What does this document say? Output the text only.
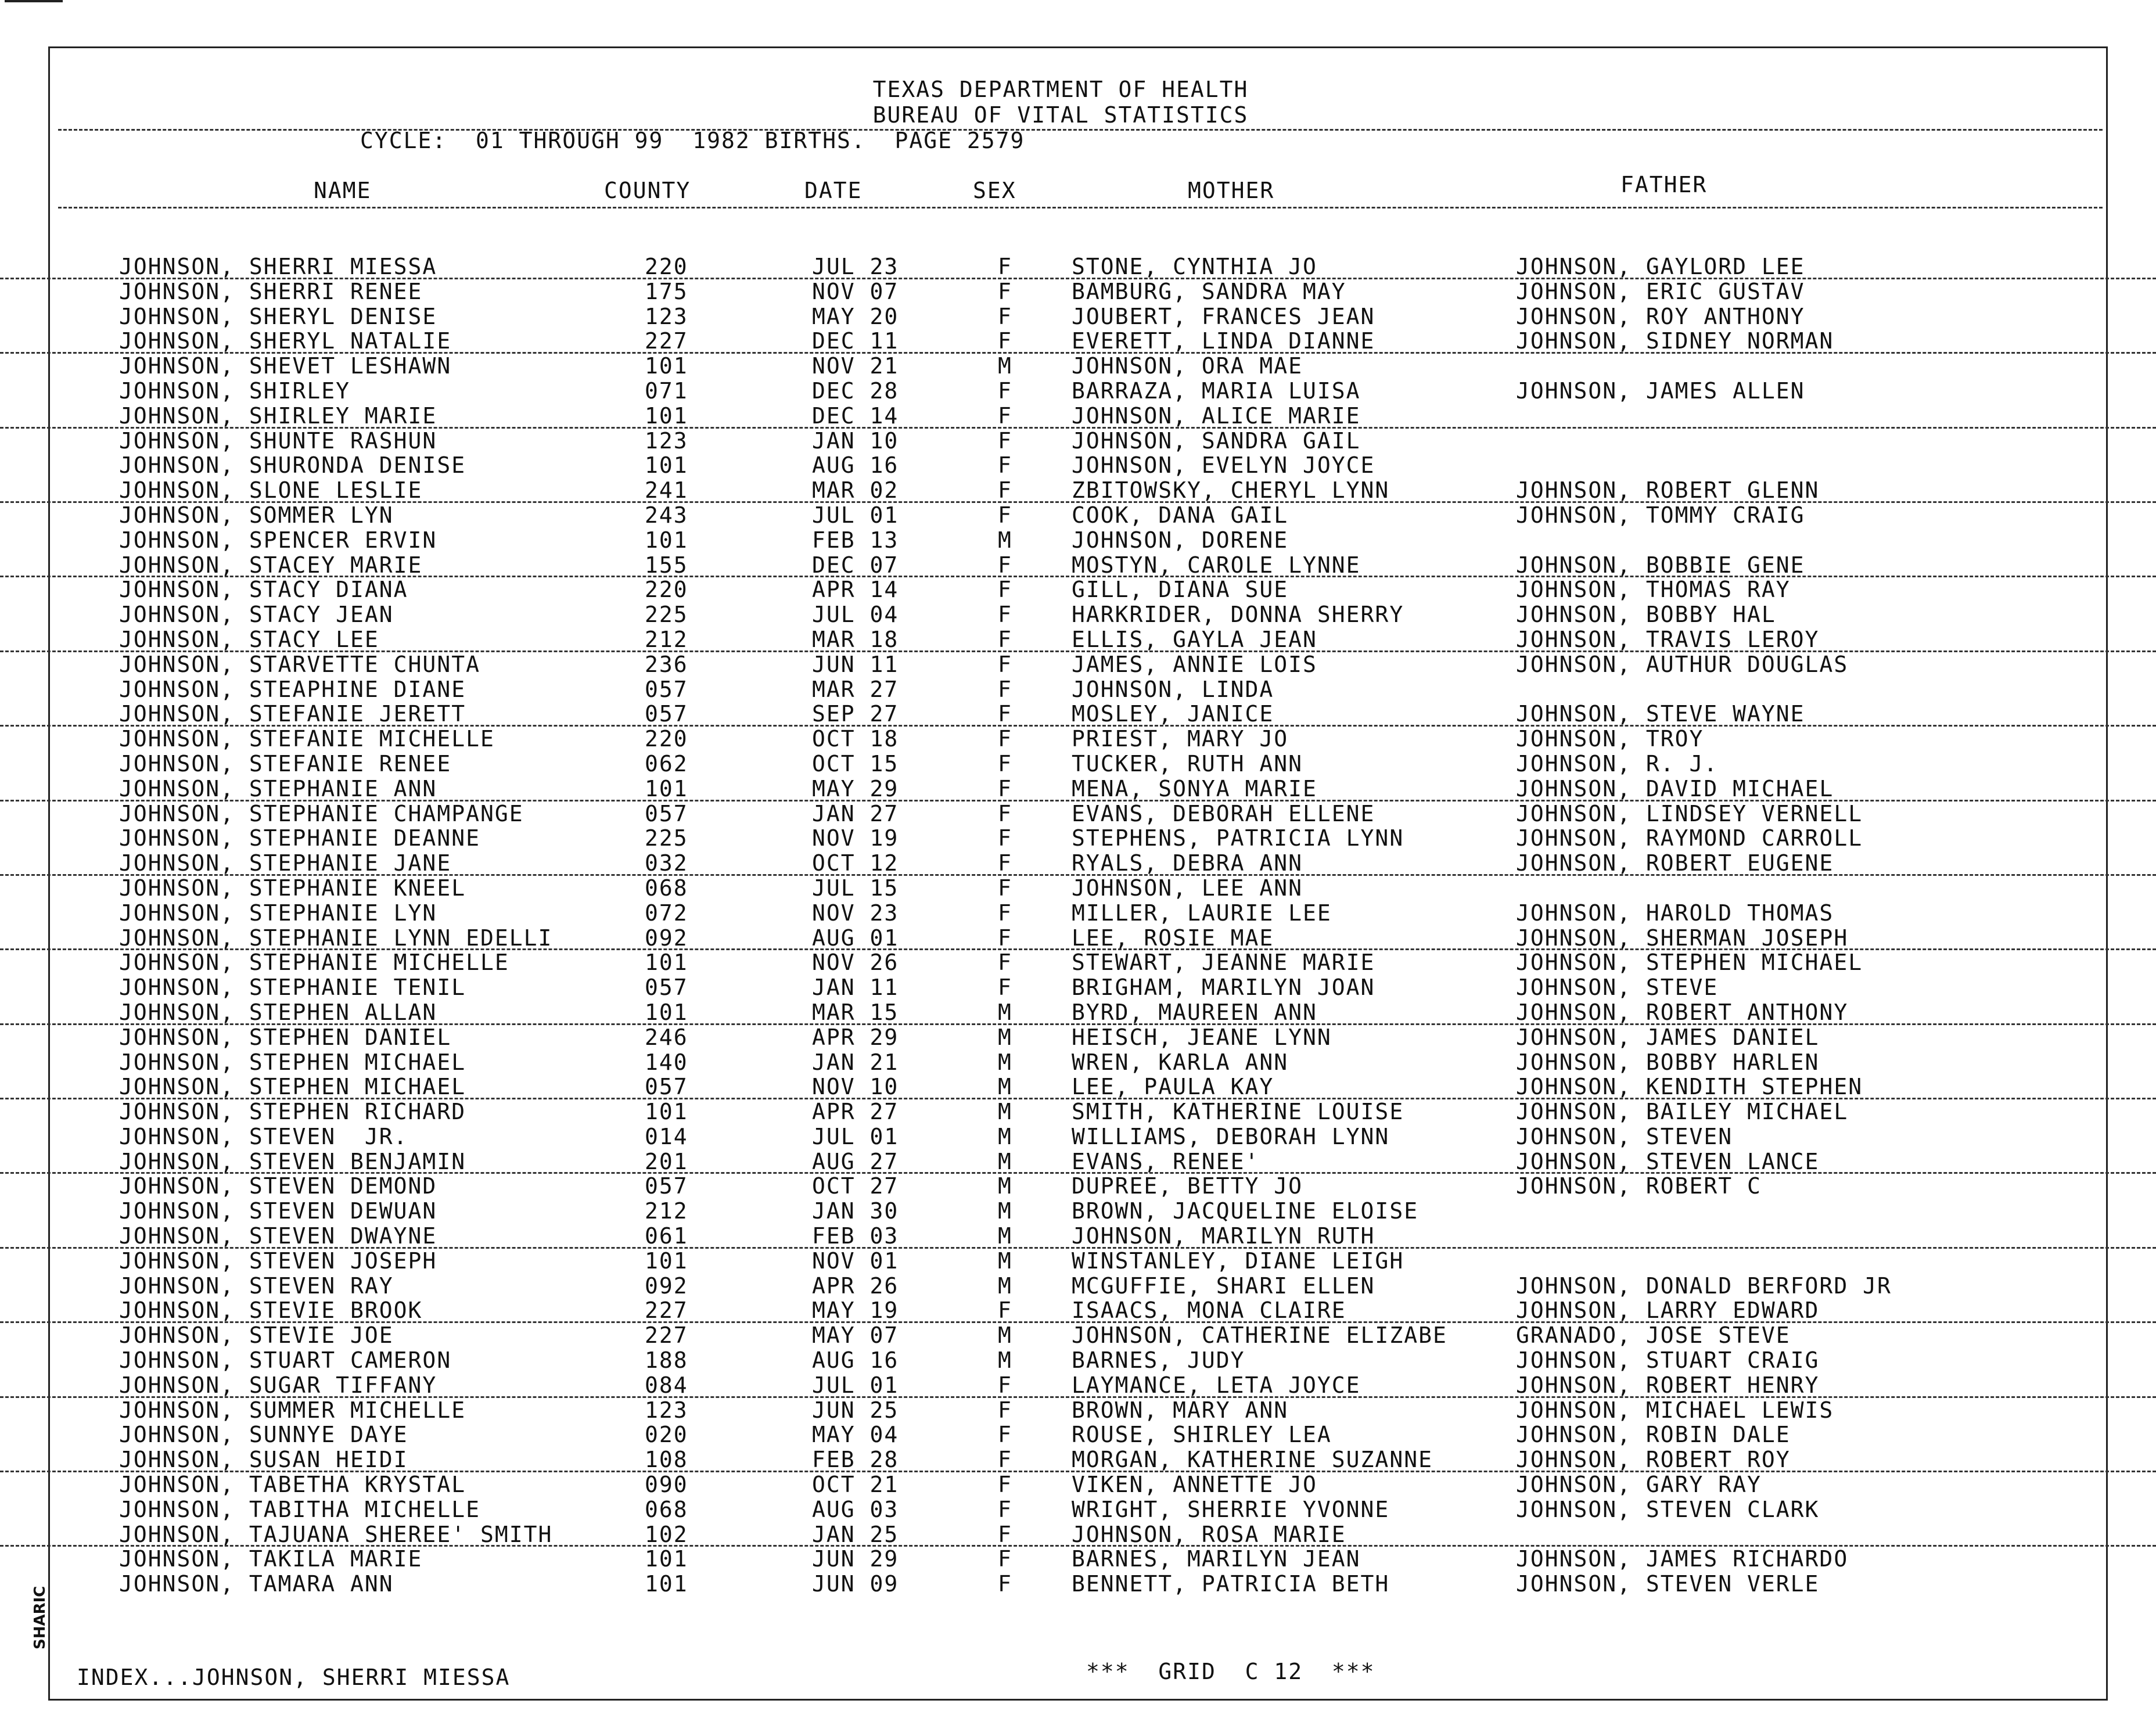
TEXAS DEPARTMENT OF HEALTH
BUREAU OF VITAL STATISTICS
CYCLE:  01 THROUGH 99  1982 BIRTHS.  PAGE 2579
NAME	COUNTY	DATE	SEX	MOTHER	FATHER
JOHNSON, SHERRI MIESSA	220	JUL 23	F	STONE, CYNTHIA JO	JOHNSON, GAYLORD LEE
JOHNSON, SHERRI RENEE	175	NOV 07	F	BAMBURG, SANDRA MAY	JOHNSON, ERIC GUSTAV
JOHNSON, SHERYL DENISE	123	MAY 20	F	JOUBERT, FRANCES JEAN	JOHNSON, ROY ANTHONY
JOHNSON, SHERYL NATALIE	227	DEC 11	F	EVERETT, LINDA DIANNE	JOHNSON, SIDNEY NORMAN
JOHNSON, SHEVET LESHAWN	101	NOV 21	M	JOHNSON, ORA MAE
JOHNSON, SHIRLEY	071	DEC 28	F	BARRAZA, MARIA LUISA	JOHNSON, JAMES ALLEN
JOHNSON, SHIRLEY MARIE	101	DEC 14	F	JOHNSON, ALICE MARIE
JOHNSON, SHUNTE RASHUN	123	JAN 10	F	JOHNSON, SANDRA GAIL
JOHNSON, SHURONDA DENISE	101	AUG 16	F	JOHNSON, EVELYN JOYCE
JOHNSON, SLONE LESLIE	241	MAR 02	F	ZBITOWSKY, CHERYL LYNN	JOHNSON, ROBERT GLENN
JOHNSON, SOMMER LYN	243	JUL 01	F	COOK, DANA GAIL	JOHNSON, TOMMY CRAIG
JOHNSON, SPENCER ERVIN	101	FEB 13	M	JOHNSON, DORENE
JOHNSON, STACEY MARIE	155	DEC 07	F	MOSTYN, CAROLE LYNNE	JOHNSON, BOBBIE GENE
JOHNSON, STACY DIANA	220	APR 14	F	GILL, DIANA SUE	JOHNSON, THOMAS RAY
JOHNSON, STACY JEAN	225	JUL 04	F	HARKRIDER, DONNA SHERRY	JOHNSON, BOBBY HAL
JOHNSON, STACY LEE	212	MAR 18	F	ELLIS, GAYLA JEAN	JOHNSON, TRAVIS LEROY
JOHNSON, STARVETTE CHUNTA	236	JUN 11	F	JAMES, ANNIE LOIS	JOHNSON, AUTHUR DOUGLAS
JOHNSON, STEAPHINE DIANE	057	MAR 27	F	JOHNSON, LINDA
JOHNSON, STEFANIE JERETT	057	SEP 27	F	MOSLEY, JANICE	JOHNSON, STEVE WAYNE
JOHNSON, STEFANIE MICHELLE	220	OCT 18	F	PRIEST, MARY JO	JOHNSON, TROY
JOHNSON, STEFANIE RENEE	062	OCT 15	F	TUCKER, RUTH ANN	JOHNSON, R. J.
JOHNSON, STEPHANIE ANN	101	MAY 29	F	MENA, SONYA MARIE	JOHNSON, DAVID MICHAEL
JOHNSON, STEPHANIE CHAMPANGE	057	JAN 27	F	EVANS, DEBORAH ELLENE	JOHNSON, LINDSEY VERNELL
JOHNSON, STEPHANIE DEANNE	225	NOV 19	F	STEPHENS, PATRICIA LYNN	JOHNSON, RAYMOND CARROLL
JOHNSON, STEPHANIE JANE	032	OCT 12	F	RYALS, DEBRA ANN	JOHNSON, ROBERT EUGENE
JOHNSON, STEPHANIE KNEEL	068	JUL 15	F	JOHNSON, LEE ANN
JOHNSON, STEPHANIE LYN	072	NOV 23	F	MILLER, LAURIE LEE	JOHNSON, HAROLD THOMAS
JOHNSON, STEPHANIE LYNN EDELLI	092	AUG 01	F	LEE, ROSIE MAE	JOHNSON, SHERMAN JOSEPH
JOHNSON, STEPHANIE MICHELLE	101	NOV 26	F	STEWART, JEANNE MARIE	JOHNSON, STEPHEN MICHAEL
JOHNSON, STEPHANIE TENIL	057	JAN 11	F	BRIGHAM, MARILYN JOAN	JOHNSON, STEVE
JOHNSON, STEPHEN ALLAN	101	MAR 15	M	BYRD, MAUREEN ANN	JOHNSON, ROBERT ANTHONY
JOHNSON, STEPHEN DANIEL	246	APR 29	M	HEISCH, JEANE LYNN	JOHNSON, JAMES DANIEL
JOHNSON, STEPHEN MICHAEL	140	JAN 21	M	WREN, KARLA ANN	JOHNSON, BOBBY HARLEN
JOHNSON, STEPHEN MICHAEL	057	NOV 10	M	LEE, PAULA KAY	JOHNSON, KENDITH STEPHEN
JOHNSON, STEPHEN RICHARD	101	APR 27	M	SMITH, KATHERINE LOUISE	JOHNSON, BAILEY MICHAEL
JOHNSON, STEVEN  JR.	014	JUL 01	M	WILLIAMS, DEBORAH LYNN	JOHNSON, STEVEN
JOHNSON, STEVEN BENJAMIN	201	AUG 27	M	EVANS, RENEE'	JOHNSON, STEVEN LANCE
JOHNSON, STEVEN DEMOND	057	OCT 27	M	DUPREE, BETTY JO	JOHNSON, ROBERT C
JOHNSON, STEVEN DEWUAN	212	JAN 30	M	BROWN, JACQUELINE ELOISE
JOHNSON, STEVEN DWAYNE	061	FEB 03	M	JOHNSON, MARILYN RUTH
JOHNSON, STEVEN JOSEPH	101	NOV 01	M	WINSTANLEY, DIANE LEIGH
JOHNSON, STEVEN RAY	092	APR 26	M	MCGUFFIE, SHARI ELLEN	JOHNSON, DONALD BERFORD JR
JOHNSON, STEVIE BROOK	227	MAY 19	F	ISAACS, MONA CLAIRE	JOHNSON, LARRY EDWARD
JOHNSON, STEVIE JOE	227	MAY 07	M	JOHNSON, CATHERINE ELIZABE	GRANADO, JOSE STEVE
JOHNSON, STUART CAMERON	188	AUG 16	M	BARNES, JUDY	JOHNSON, STUART CRAIG
JOHNSON, SUGAR TIFFANY	084	JUL 01	F	LAYMANCE, LETA JOYCE	JOHNSON, ROBERT HENRY
JOHNSON, SUMMER MICHELLE	123	JUN 25	F	BROWN, MARY ANN	JOHNSON, MICHAEL LEWIS
JOHNSON, SUNNYE DAYE	020	MAY 04	F	ROUSE, SHIRLEY LEA	JOHNSON, ROBIN DALE
JOHNSON, SUSAN HEIDI	108	FEB 28	F	MORGAN, KATHERINE SUZANNE	JOHNSON, ROBERT ROY
JOHNSON, TABETHA KRYSTAL	090	OCT 21	F	VIKEN, ANNETTE JO	JOHNSON, GARY RAY
JOHNSON, TABITHA MICHELLE	068	AUG 03	F	WRIGHT, SHERRIE YVONNE	JOHNSON, STEVEN CLARK
JOHNSON, TAJUANA SHEREE' SMITH	102	JAN 25	F	JOHNSON, ROSA MARIE
JOHNSON, TAKILA MARIE	101	JUN 29	F	BARNES, MARILYN JEAN	JOHNSON, JAMES RICHARDO
JOHNSON, TAMARA ANN	101	JUN 09	F	BENNETT, PATRICIA BETH	JOHNSON, STEVEN VERLE
INDEX...JOHNSON, SHERRI MIESSA	***  GRID  C 12  ***
SHARIC
